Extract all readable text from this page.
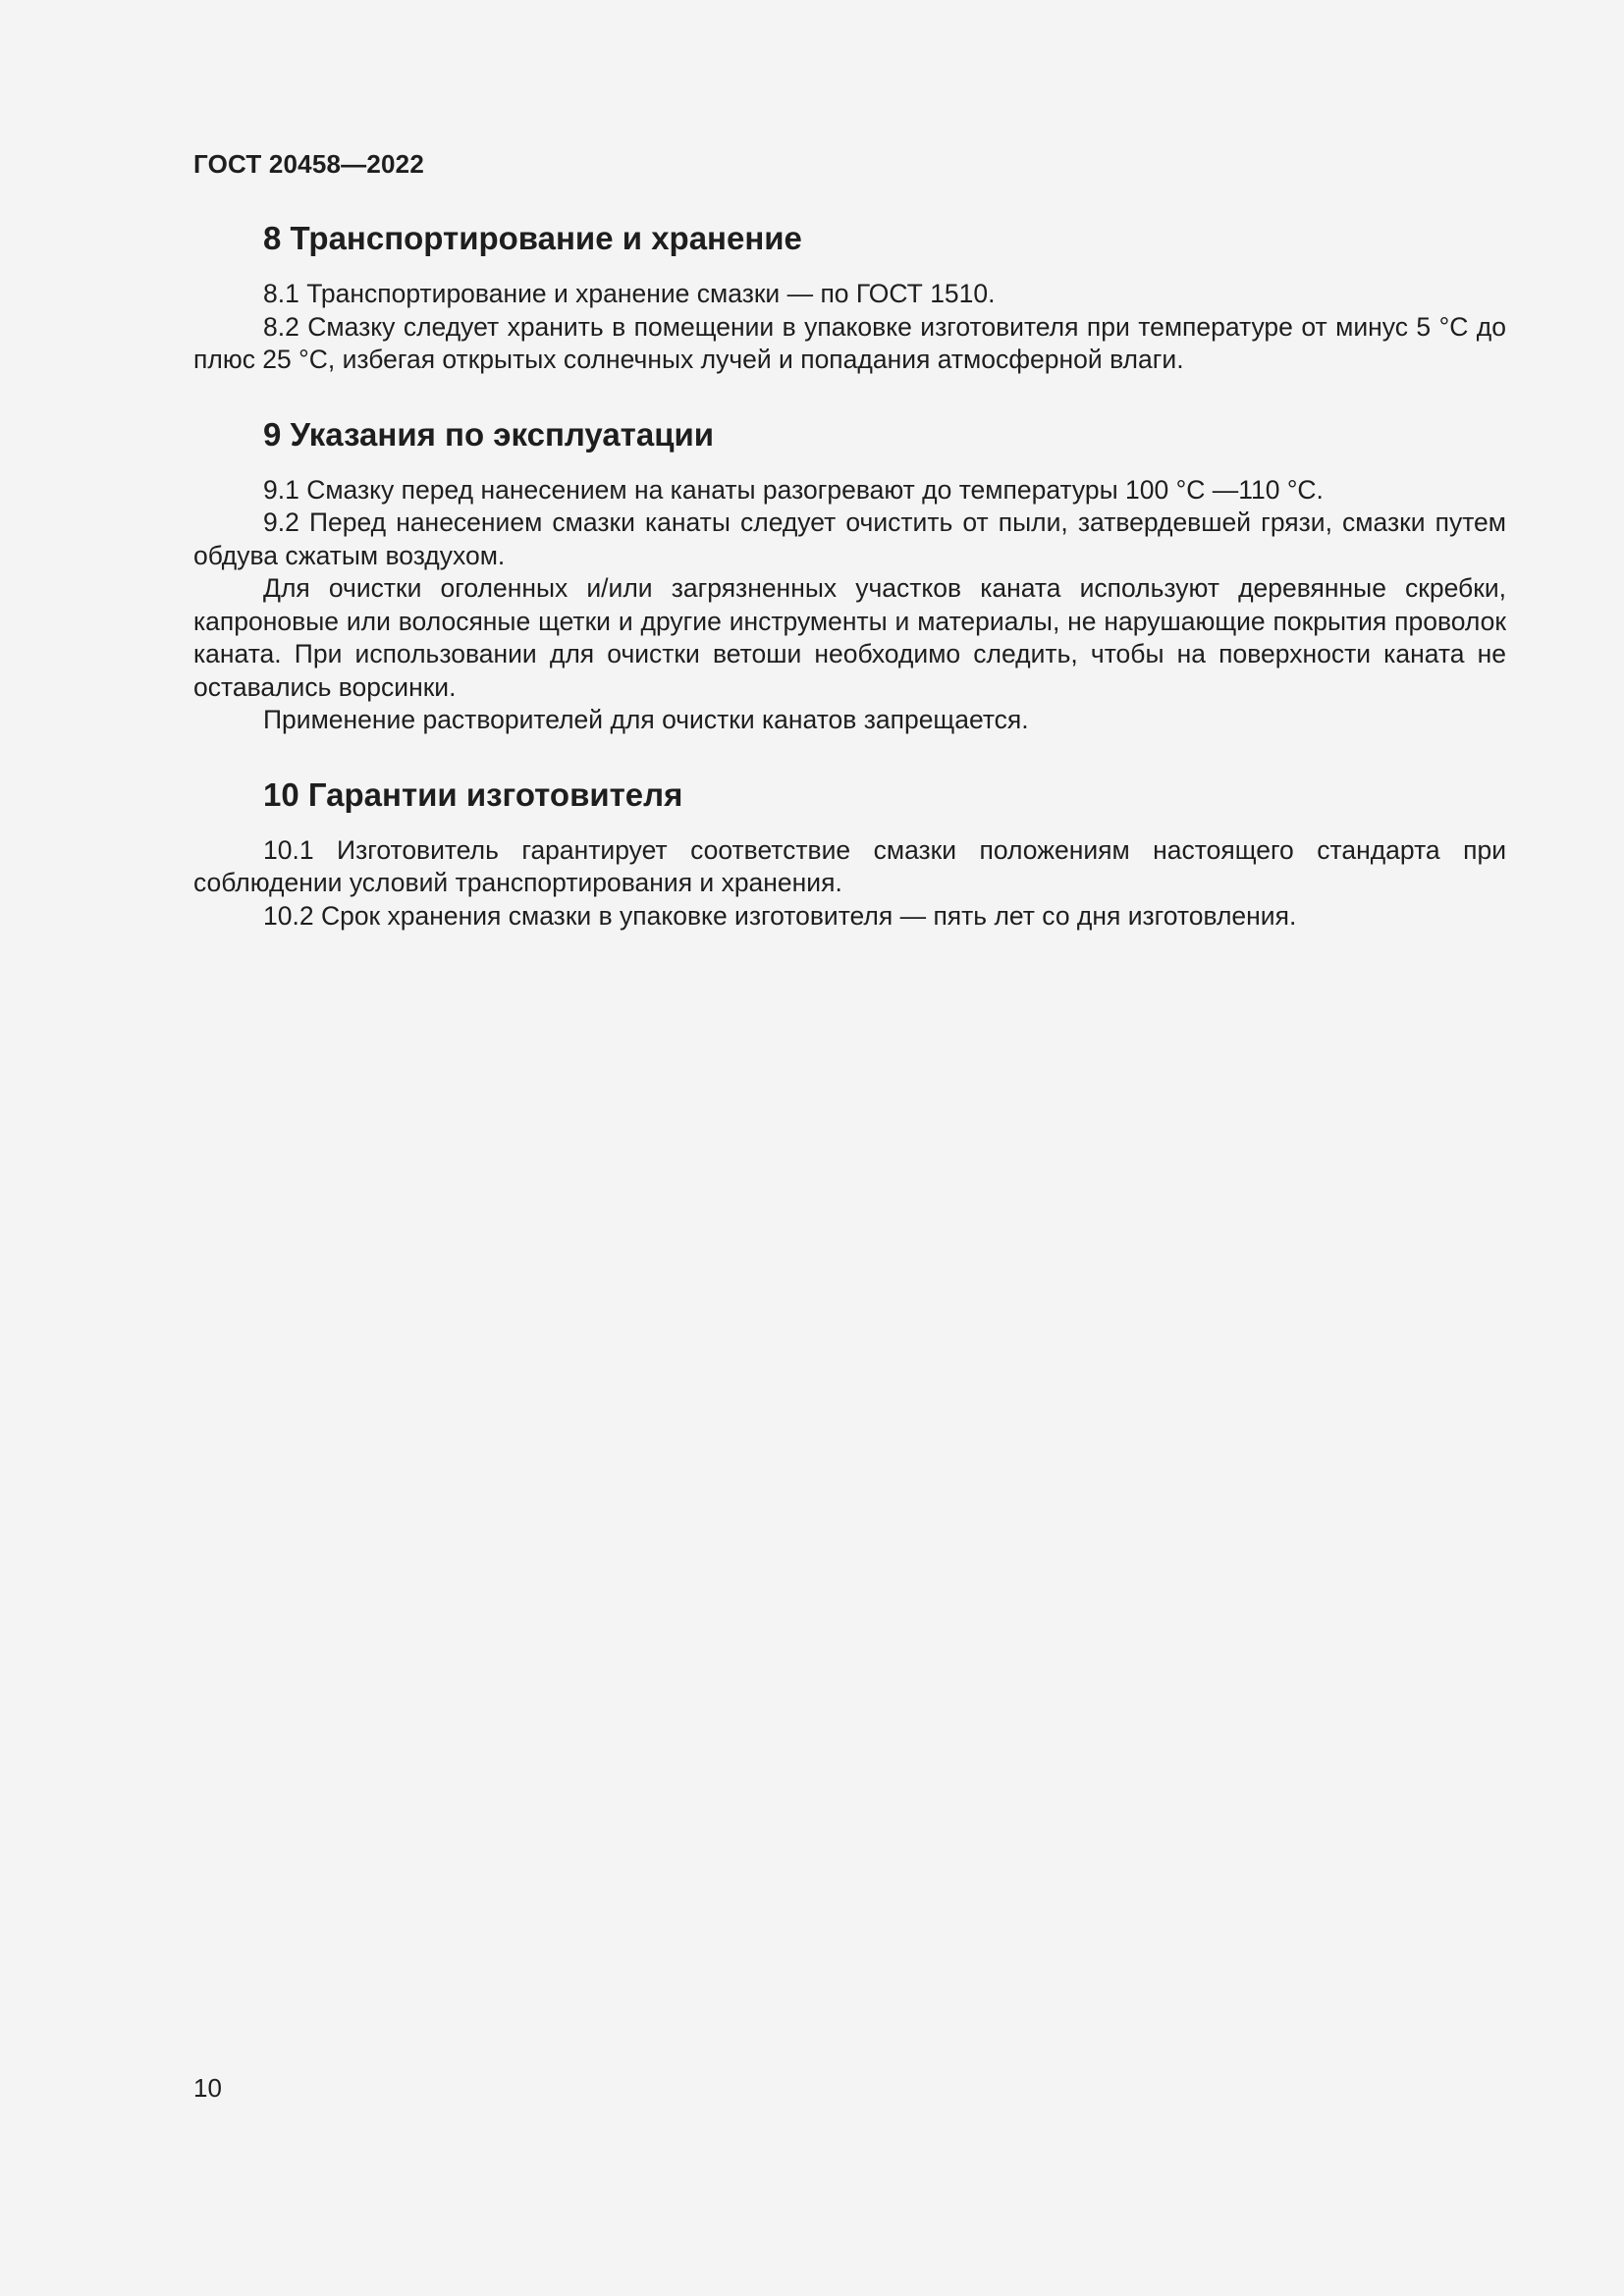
ГОСТ 20458—2022

8 Транспортирование и хранение

8.1 Транспортирование и хранение смазки — по ГОСТ 1510.

8.2 Смазку следует хранить в помещении в упаковке изготовителя при температуре от минус 5 °С до плюс 25 °С, избегая открытых солнечных лучей и попадания атмосферной влаги.

9 Указания по эксплуатации

9.1 Смазку перед нанесением на канаты разогревают до температуры 100 °С —110 °С.

9.2 Перед нанесением смазки канаты следует очистить от пыли, затвердевшей грязи, смазки путем обдува сжатым воздухом.

Для очистки оголенных и/или загрязненных участков каната используют деревянные скребки, капроновые или волосяные щетки и другие инструменты и материалы, не нарушающие покрытия проволок каната. При использовании для очистки ветоши необходимо следить, чтобы на поверхности каната не оставались ворсинки.

Применение растворителей для очистки канатов запрещается.

10 Гарантии изготовителя

10.1 Изготовитель гарантирует соответствие смазки положениям настоящего стандарта при соблюдении условий транспортирования и хранения.

10.2 Срок хранения смазки в упаковке изготовителя — пять лет со дня изготовления.

10
